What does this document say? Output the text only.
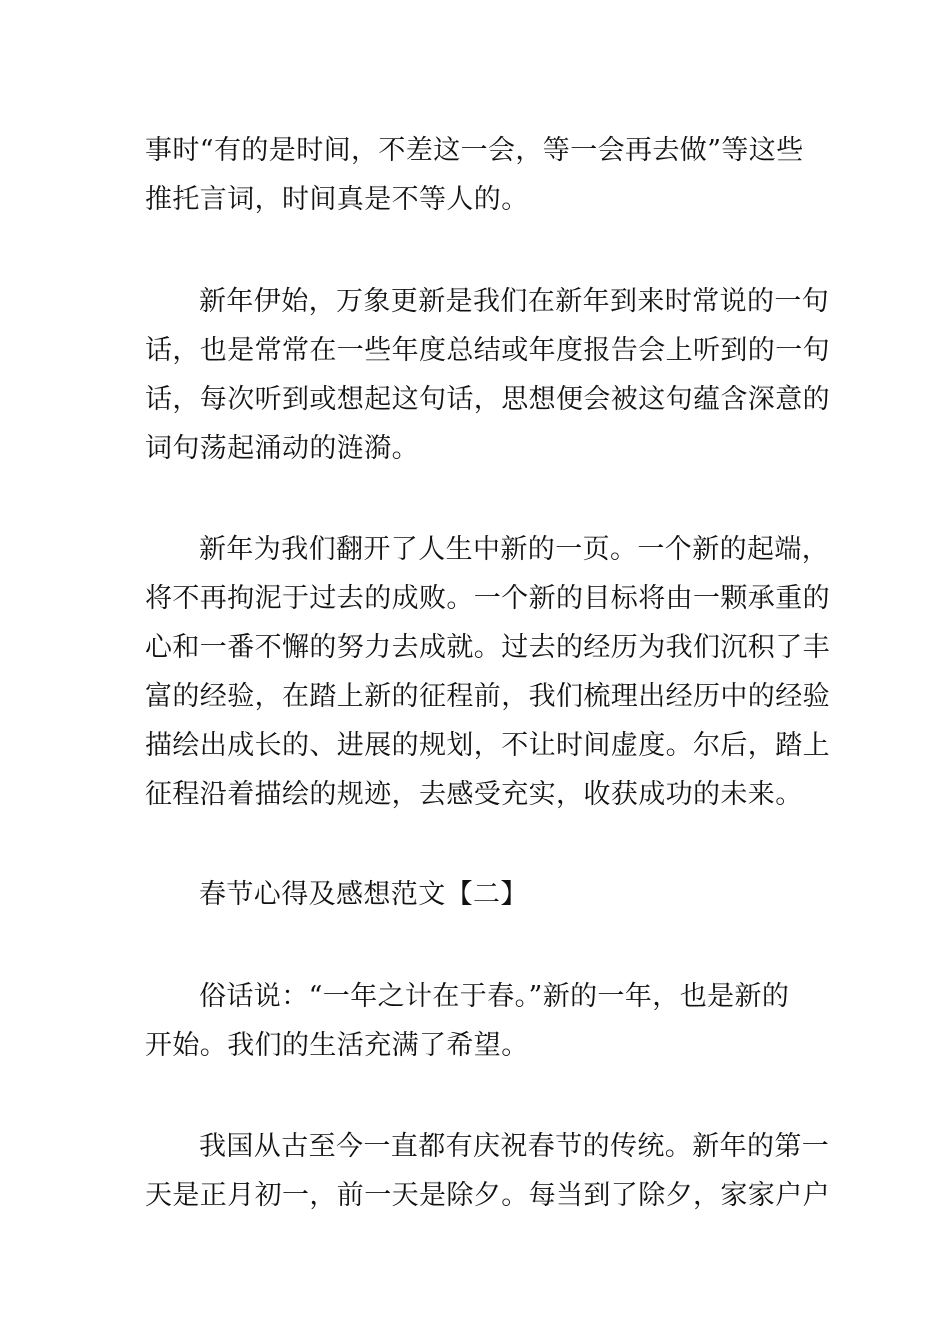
事时“有的是时间，不差这一会，等一会再去做”等这些
推托言词，时间真是不等人的。

新年伊始，万象更新是我们在新年到来时常说的一句
话，也是常常在一些年度总结或年度报告会上听到的一句
话，每次听到或想起这句话，思想便会被这句蕴含深意的
词句荡起涌动的涟漪。

新年为我们翻开了人生中新的一页。一个新的起端，
将不再拘泥于过去的成败。一个新的目标将由一颗承重的
心和一番不懈的努力去成就。过去的经历为我们沉积了丰
富的经验，在踏上新的征程前，我们梳理出经历中的经验
描绘出成长的、进展的规划，不让时间虚度。尔后，踏上
征程沿着描绘的规迹，去感受充实，收获成功的未来。

春节心得及感想范文【二】

俗话说：“一年之计在于春。”新的一年，也是新的
开始。我们的生活充满了希望。

我国从古至今一直都有庆祝春节的传统。新年的第一
天是正月初一，前一天是除夕。每当到了除夕，家家户户
